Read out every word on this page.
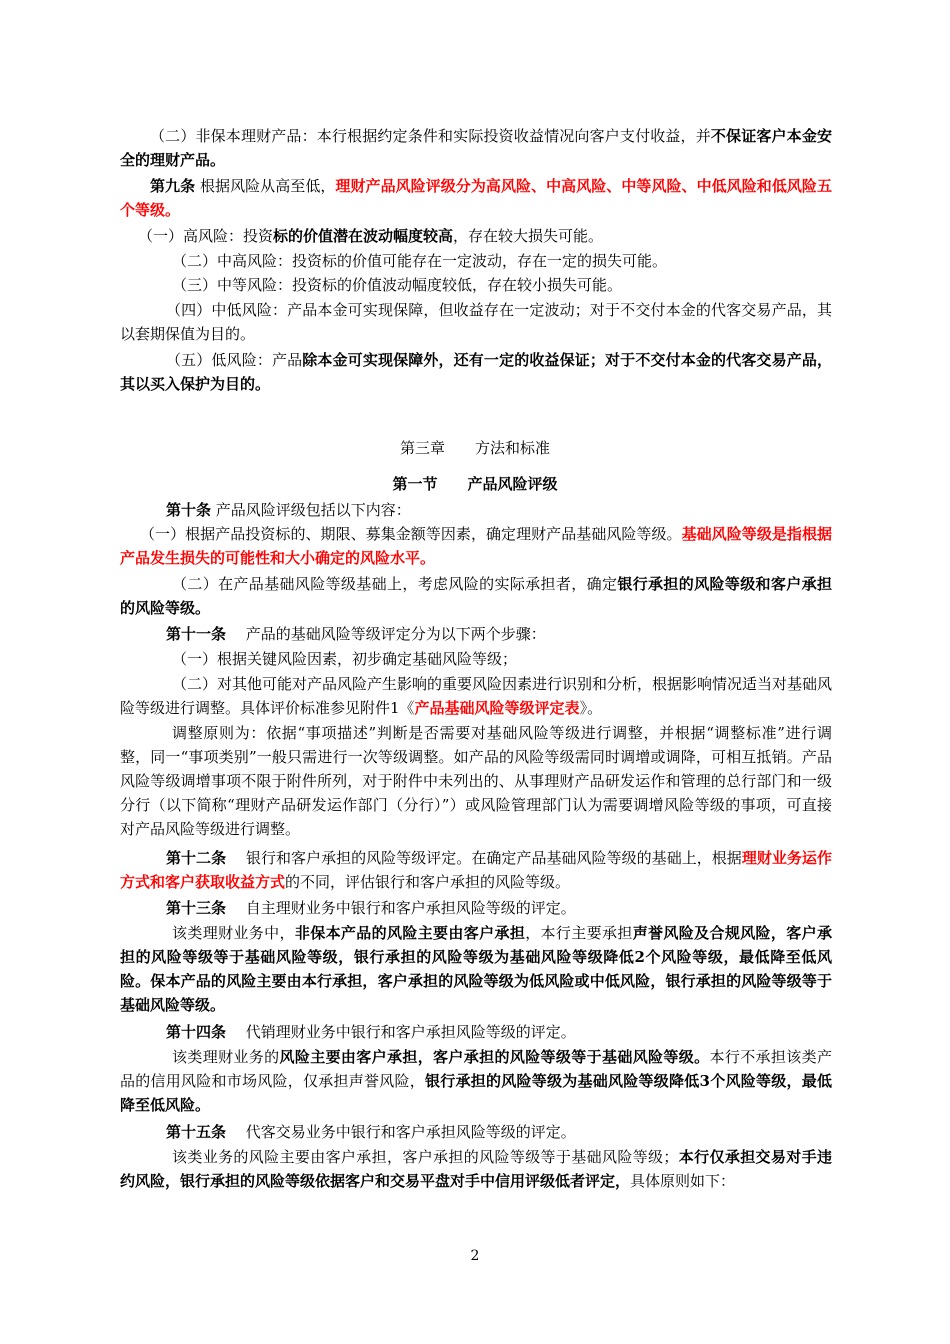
（二）非保本理财产品：本行根据约定条件和实际投资收益情况向客户支付收益，并不保证客户本金安全的理财产品。

第九条 根据风险从高至低，理财产品风险评级分为高风险、中高风险、中等风险、中低风险和低风险五个等级。

（一）高风险：投资标的价值潜在波动幅度较高，存在较大损失可能。

（二）中高风险：投资标的价值可能存在一定波动，存在一定的损失可能。

（三）中等风险：投资标的价值波动幅度较低，存在较小损失可能。

（四）中低风险：产品本金可实现保障，但收益存在一定波动；对于不交付本金的代客交易产品，其以套期保值为目的。

（五）低风险：产品除本金可实现保障外，还有一定的收益保证；对于不交付本金的代客交易产品，其以买入保护为目的。

第三章　　方法和标准

第一节　　产品风险评级

第十条 产品风险评级包括以下内容：

（一）根据产品投资标的、期限、募集金额等因素，确定理财产品基础风险等级。基础风险等级是指根据产品发生损失的可能性和大小确定的风险水平。

（二）在产品基础风险等级基础上，考虑风险的实际承担者，确定银行承担的风险等级和客户承担的风险等级。

第十一条　 产品的基础风险等级评定分为以下两个步骤：

（一）根据关键风险因素，初步确定基础风险等级；

（二）对其他可能对产品风险产生影响的重要风险因素进行识别和分析，根据影响情况适当对基础风险等级进行调整。具体评价标准参见附件1《产品基础风险等级评定表》。

调整原则为：依据“事项描述”判断是否需要对基础风险等级进行调整，并根据“调整标准”进行调整，同一“事项类别”一般只需进行一次等级调整。如产品的风险等级需同时调增或调降，可相互抵销。产品风险等级调增事项不限于附件所列，对于附件中未列出的、从事理财产品研发运作和管理的总行部门和一级分行（以下简称“理财产品研发运作部门（分行）”）或风险管理部门认为需要调增风险等级的事项，可直接对产品风险等级进行调整。

第十二条　 银行和客户承担的风险等级评定。在确定产品基础风险等级的基础上，根据理财业务运作方式和客户获取收益方式的不同，评估银行和客户承担的风险等级。

第十三条　 自主理财业务中银行和客户承担风险等级的评定。

该类理财业务中，非保本产品的风险主要由客户承担，本行主要承担声誉风险及合规风险，客户承担的风险等级等于基础风险等级，银行承担的风险等级为基础风险等级降低2个风险等级，最低降至低风险。保本产品的风险主要由本行承担，客户承担的风险等级为低风险或中低风险，银行承担的风险等级等于基础风险等级。

第十四条　 代销理财业务中银行和客户承担风险等级的评定。

该类理财业务的风险主要由客户承担，客户承担的风险等级等于基础风险等级。本行不承担该类产品的信用风险和市场风险，仅承担声誉风险，银行承担的风险等级为基础风险等级降低3个风险等级，最低降至低风险。

第十五条　 代客交易业务中银行和客户承担风险等级的评定。

该类业务的风险主要由客户承担，客户承担的风险等级等于基础风险等级；本行仅承担交易对手违约风险，银行承担的风险等级依据客户和交易平盘对手中信用评级低者评定，具体原则如下：

2
